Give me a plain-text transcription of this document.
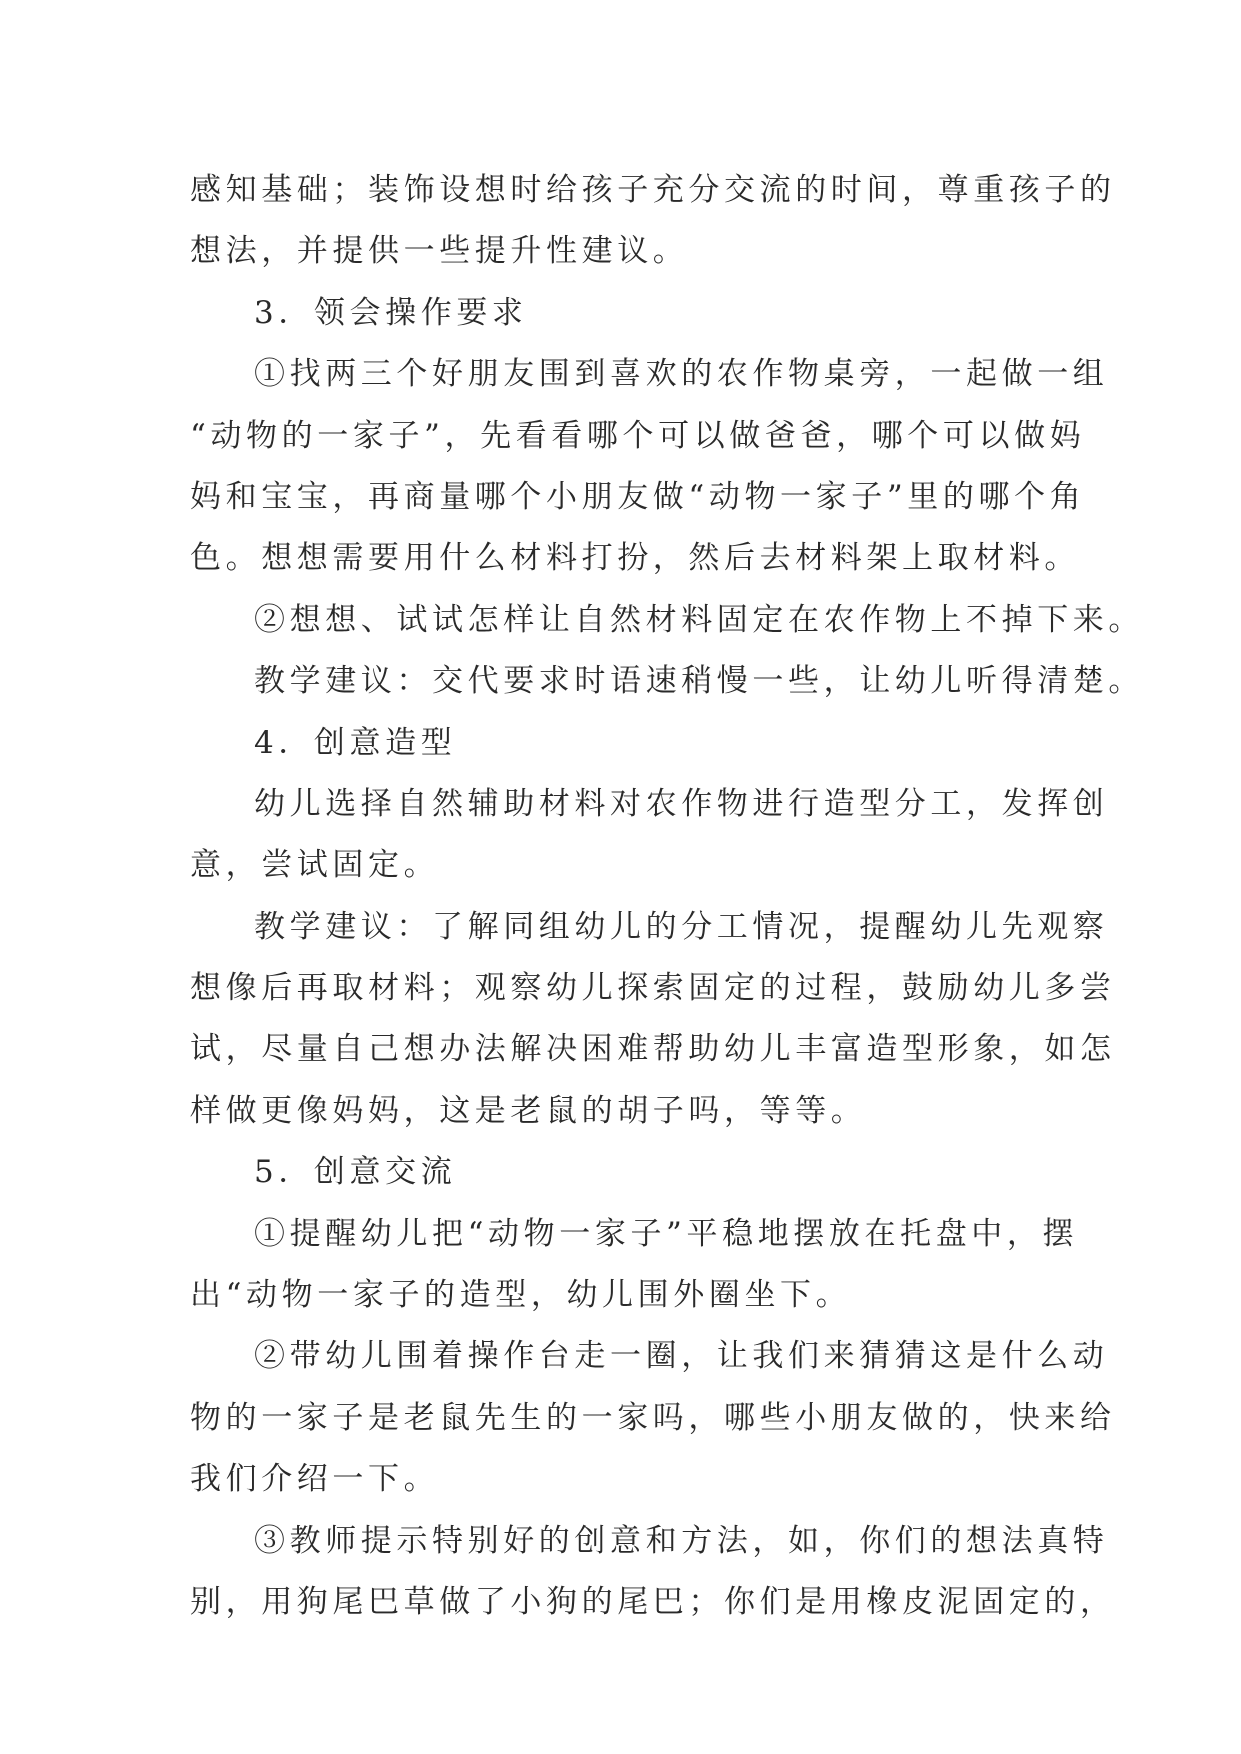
感知基础；装饰设想时给孩子充分交流的时间，尊重孩子的
想法，并提供一些提升性建议。
3．领会操作要求
①找两三个好朋友围到喜欢的农作物桌旁，一起做一组
“动物的一家子”，先看看哪个可以做爸爸，哪个可以做妈
妈和宝宝，再商量哪个小朋友做“动物一家子”里的哪个角
色。想想需要用什么材料打扮，然后去材料架上取材料。
②想想、试试怎样让自然材料固定在农作物上不掉下来。
教学建议：交代要求时语速稍慢一些，让幼儿听得清楚。
4．创意造型
幼儿选择自然辅助材料对农作物进行造型分工，发挥创
意，尝试固定。
教学建议：了解同组幼儿的分工情况，提醒幼儿先观察
想像后再取材料；观察幼儿探索固定的过程，鼓励幼儿多尝
试，尽量自己想办法解决困难帮助幼儿丰富造型形象，如怎
样做更像妈妈，这是老鼠的胡子吗，等等。
5．创意交流
①提醒幼儿把“动物一家子”平稳地摆放在托盘中，摆
出“动物一家子的造型，幼儿围外圈坐下。
②带幼儿围着操作台走一圈，让我们来猜猜这是什么动
物的一家子是老鼠先生的一家吗，哪些小朋友做的，快来给
我们介绍一下。
③教师提示特别好的创意和方法，如，你们的想法真特
别，用狗尾巴草做了小狗的尾巴；你们是用橡皮泥固定的，
